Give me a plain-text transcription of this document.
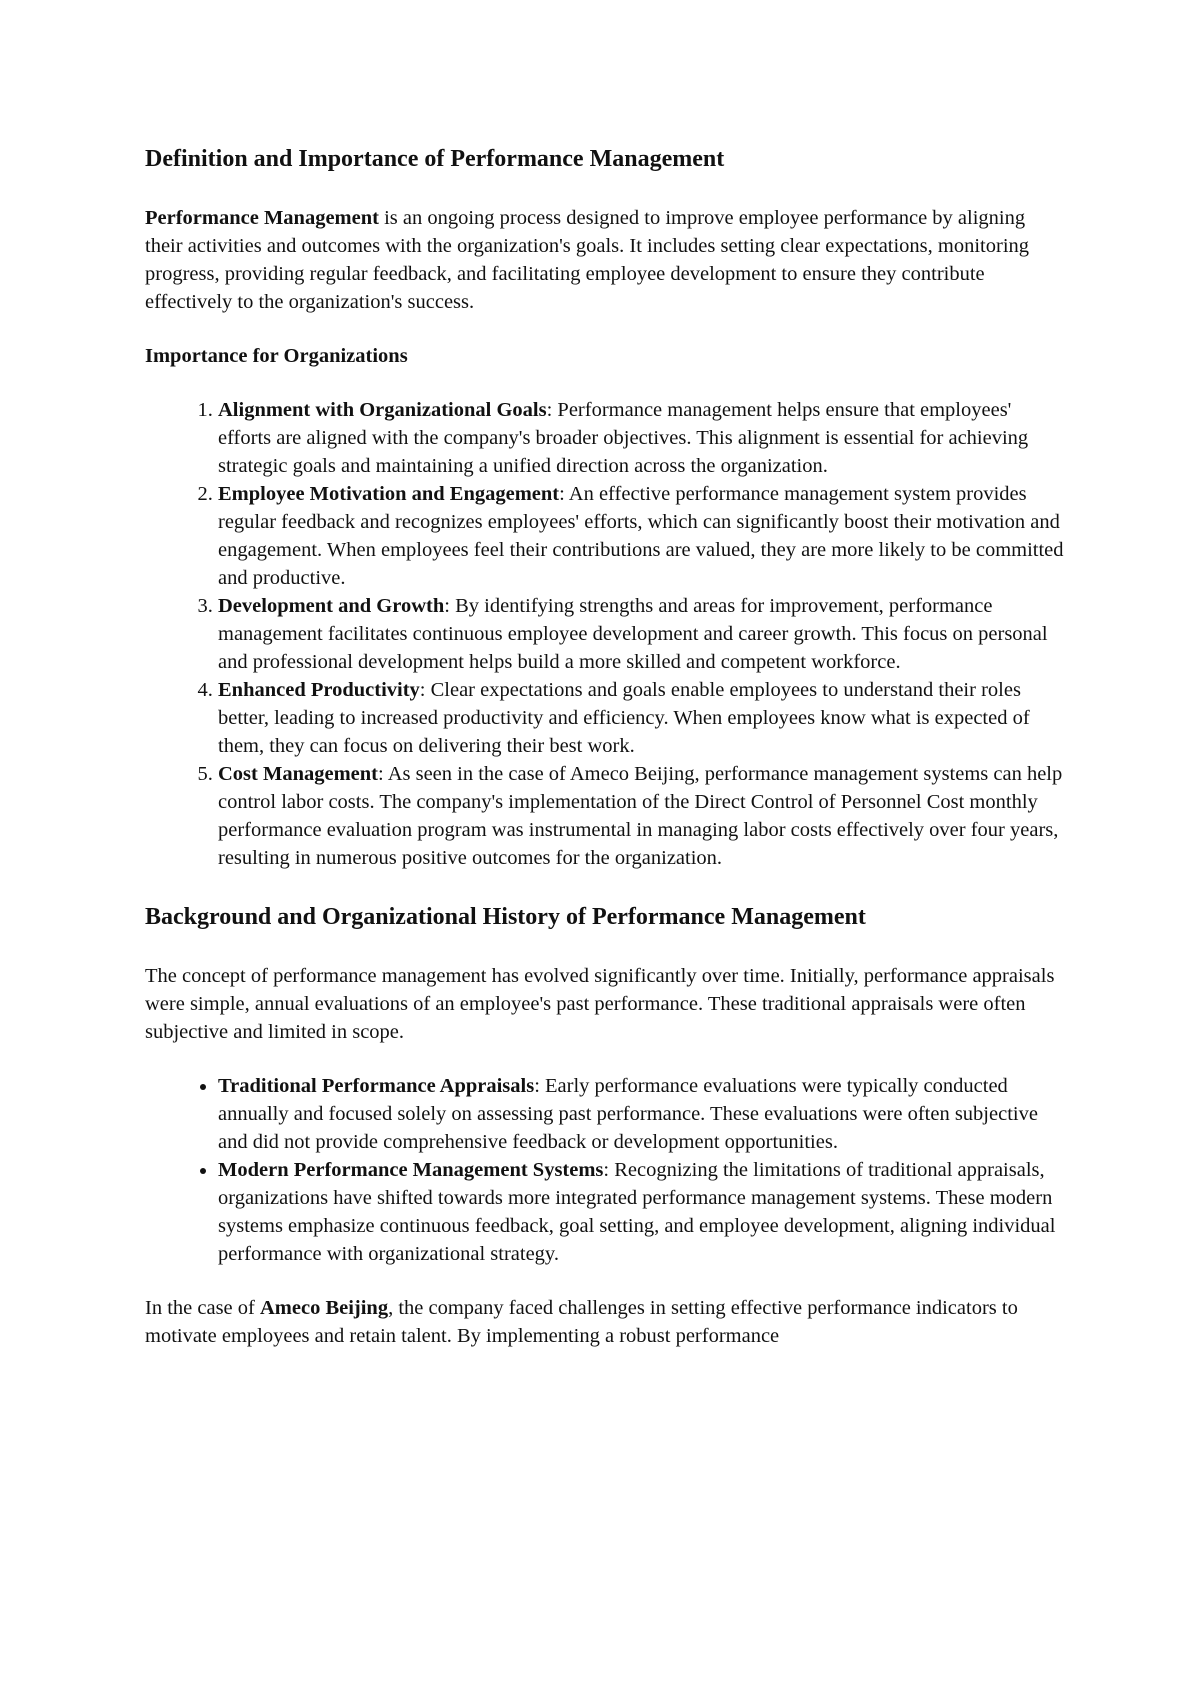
Definition and Importance of Performance Management

Performance Management is an ongoing process designed to improve employee performance by aligning their activities and outcomes with the organization's goals. It includes setting clear expectations, monitoring progress, providing regular feedback, and facilitating employee development to ensure they contribute effectively to the organization's success.

Importance for Organizations
1. Alignment with Organizational Goals: Performance management helps ensure that employees' efforts are aligned with the company's broader objectives. This alignment is essential for achieving strategic goals and maintaining a unified direction across the organization.
2. Employee Motivation and Engagement: An effective performance management system provides regular feedback and recognizes employees' efforts, which can significantly boost their motivation and engagement. When employees feel their contributions are valued, they are more likely to be committed and productive.
3. Development and Growth: By identifying strengths and areas for improvement, performance management facilitates continuous employee development and career growth. This focus on personal and professional development helps build a more skilled and competent workforce.
4. Enhanced Productivity: Clear expectations and goals enable employees to understand their roles better, leading to increased productivity and efficiency. When employees know what is expected of them, they can focus on delivering their best work.
5. Cost Management: As seen in the case of Ameco Beijing, performance management systems can help control labor costs. The company's implementation of the Direct Control of Personnel Cost monthly performance evaluation program was instrumental in managing labor costs effectively over four years, resulting in numerous positive outcomes for the organization.
Background and Organizational History of Performance Management

The concept of performance management has evolved significantly over time. Initially, performance appraisals were simple, annual evaluations of an employee's past performance. These traditional appraisals were often subjective and limited in scope.

• Traditional Performance Appraisals: Early performance evaluations were typically conducted annually and focused solely on assessing past performance. These evaluations were often subjective and did not provide comprehensive feedback or development opportunities.
• Modern Performance Management Systems: Recognizing the limitations of traditional appraisals, organizations have shifted towards more integrated performance management systems. These modern systems emphasize continuous feedback, goal setting, and employee development, aligning individual performance with organizational strategy.

In the case of Ameco Beijing, the company faced challenges in setting effective performance indicators to motivate employees and retain talent. By implementing a robust performance
